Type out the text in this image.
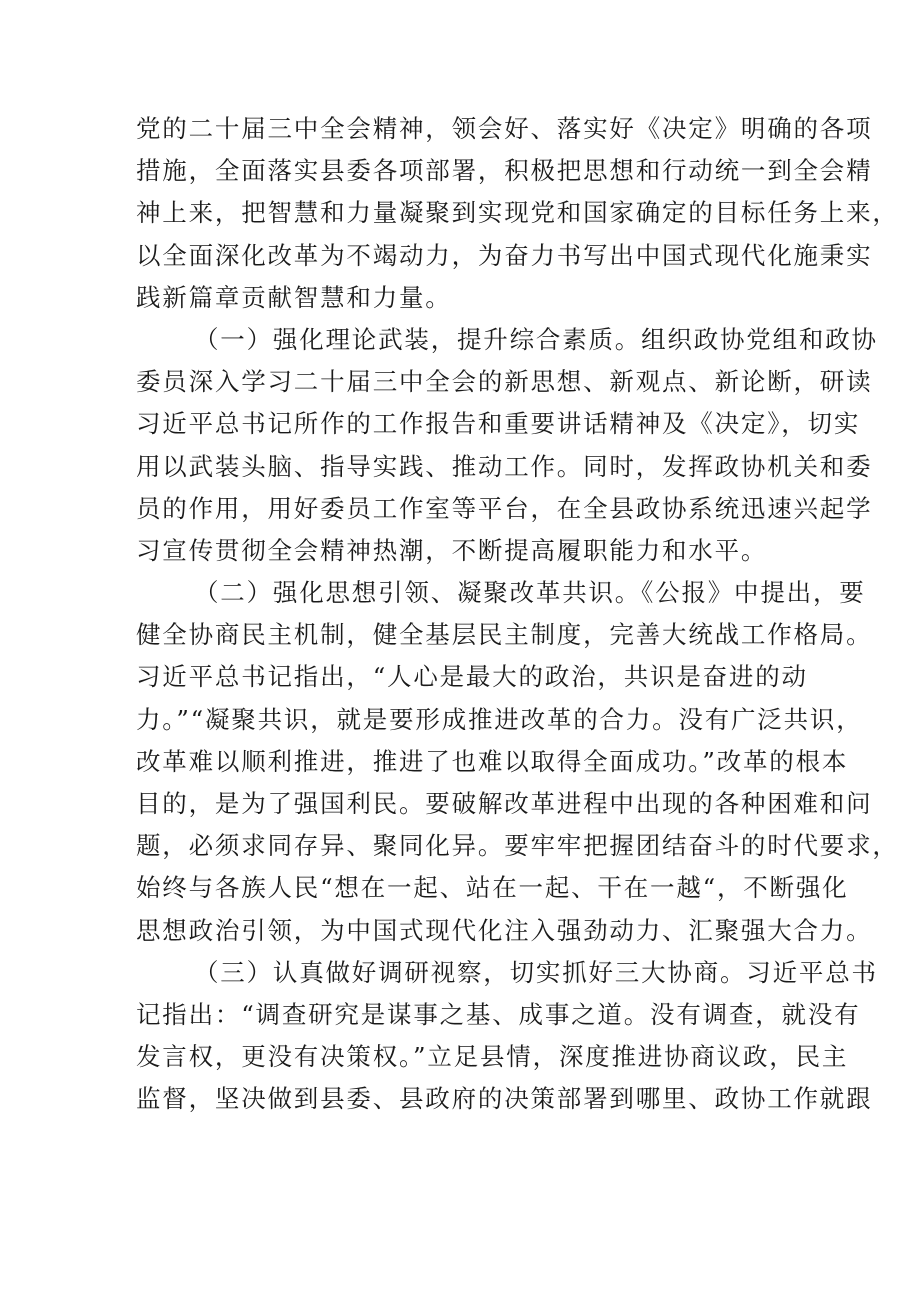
党的二十届三中全会精神，领会好、落实好《决定》明确的各项
措施，全面落实县委各项部署，积极把思想和行动统一到全会精
神上来，把智慧和力量凝聚到实现党和国家确定的目标任务上来，
以全面深化改革为不竭动力，为奋力书写出中国式现代化施秉实
践新篇章贡献智慧和力量。
（一）强化理论武装，提升综合素质。组织政协党组和政协
委员深入学习二十届三中全会的新思想、新观点、新论断，研读
习近平总书记所作的工作报告和重要讲话精神及《决定》，切实
用以武装头脑、指导实践、推动工作。同时，发挥政协机关和委
员的作用，用好委员工作室等平台，在全县政协系统迅速兴起学
习宣传贯彻全会精神热潮，不断提高履职能力和水平。
（二）强化思想引领、凝聚改革共识。《公报》中提出，要
健全协商民主机制，健全基层民主制度，完善大统战工作格局。
习近平总书记指出，“人心是最大的政治，共识是奋进的动
力。”“凝聚共识，就是要形成推进改革的合力。没有广泛共识，
改革难以顺利推进，推进了也难以取得全面成功。”改革的根本
目的，是为了强国利民。要破解改革进程中出现的各种困难和问
题，必须求同存异、聚同化异。要牢牢把握团结奋斗的时代要求，
始终与各族人民“想在一起、站在一起、干在一越“，不断强化
思想政治引领，为中国式现代化注入强劲动力、汇聚强大合力。
（三）认真做好调研视察，切实抓好三大协商。习近平总书
记指出：“调查研究是谋事之基、成事之道。没有调查，就没有
发言权，更没有决策权。”立足县情，深度推进协商议政，民主
监督，坚决做到县委、县政府的决策部署到哪里、政协工作就跟
